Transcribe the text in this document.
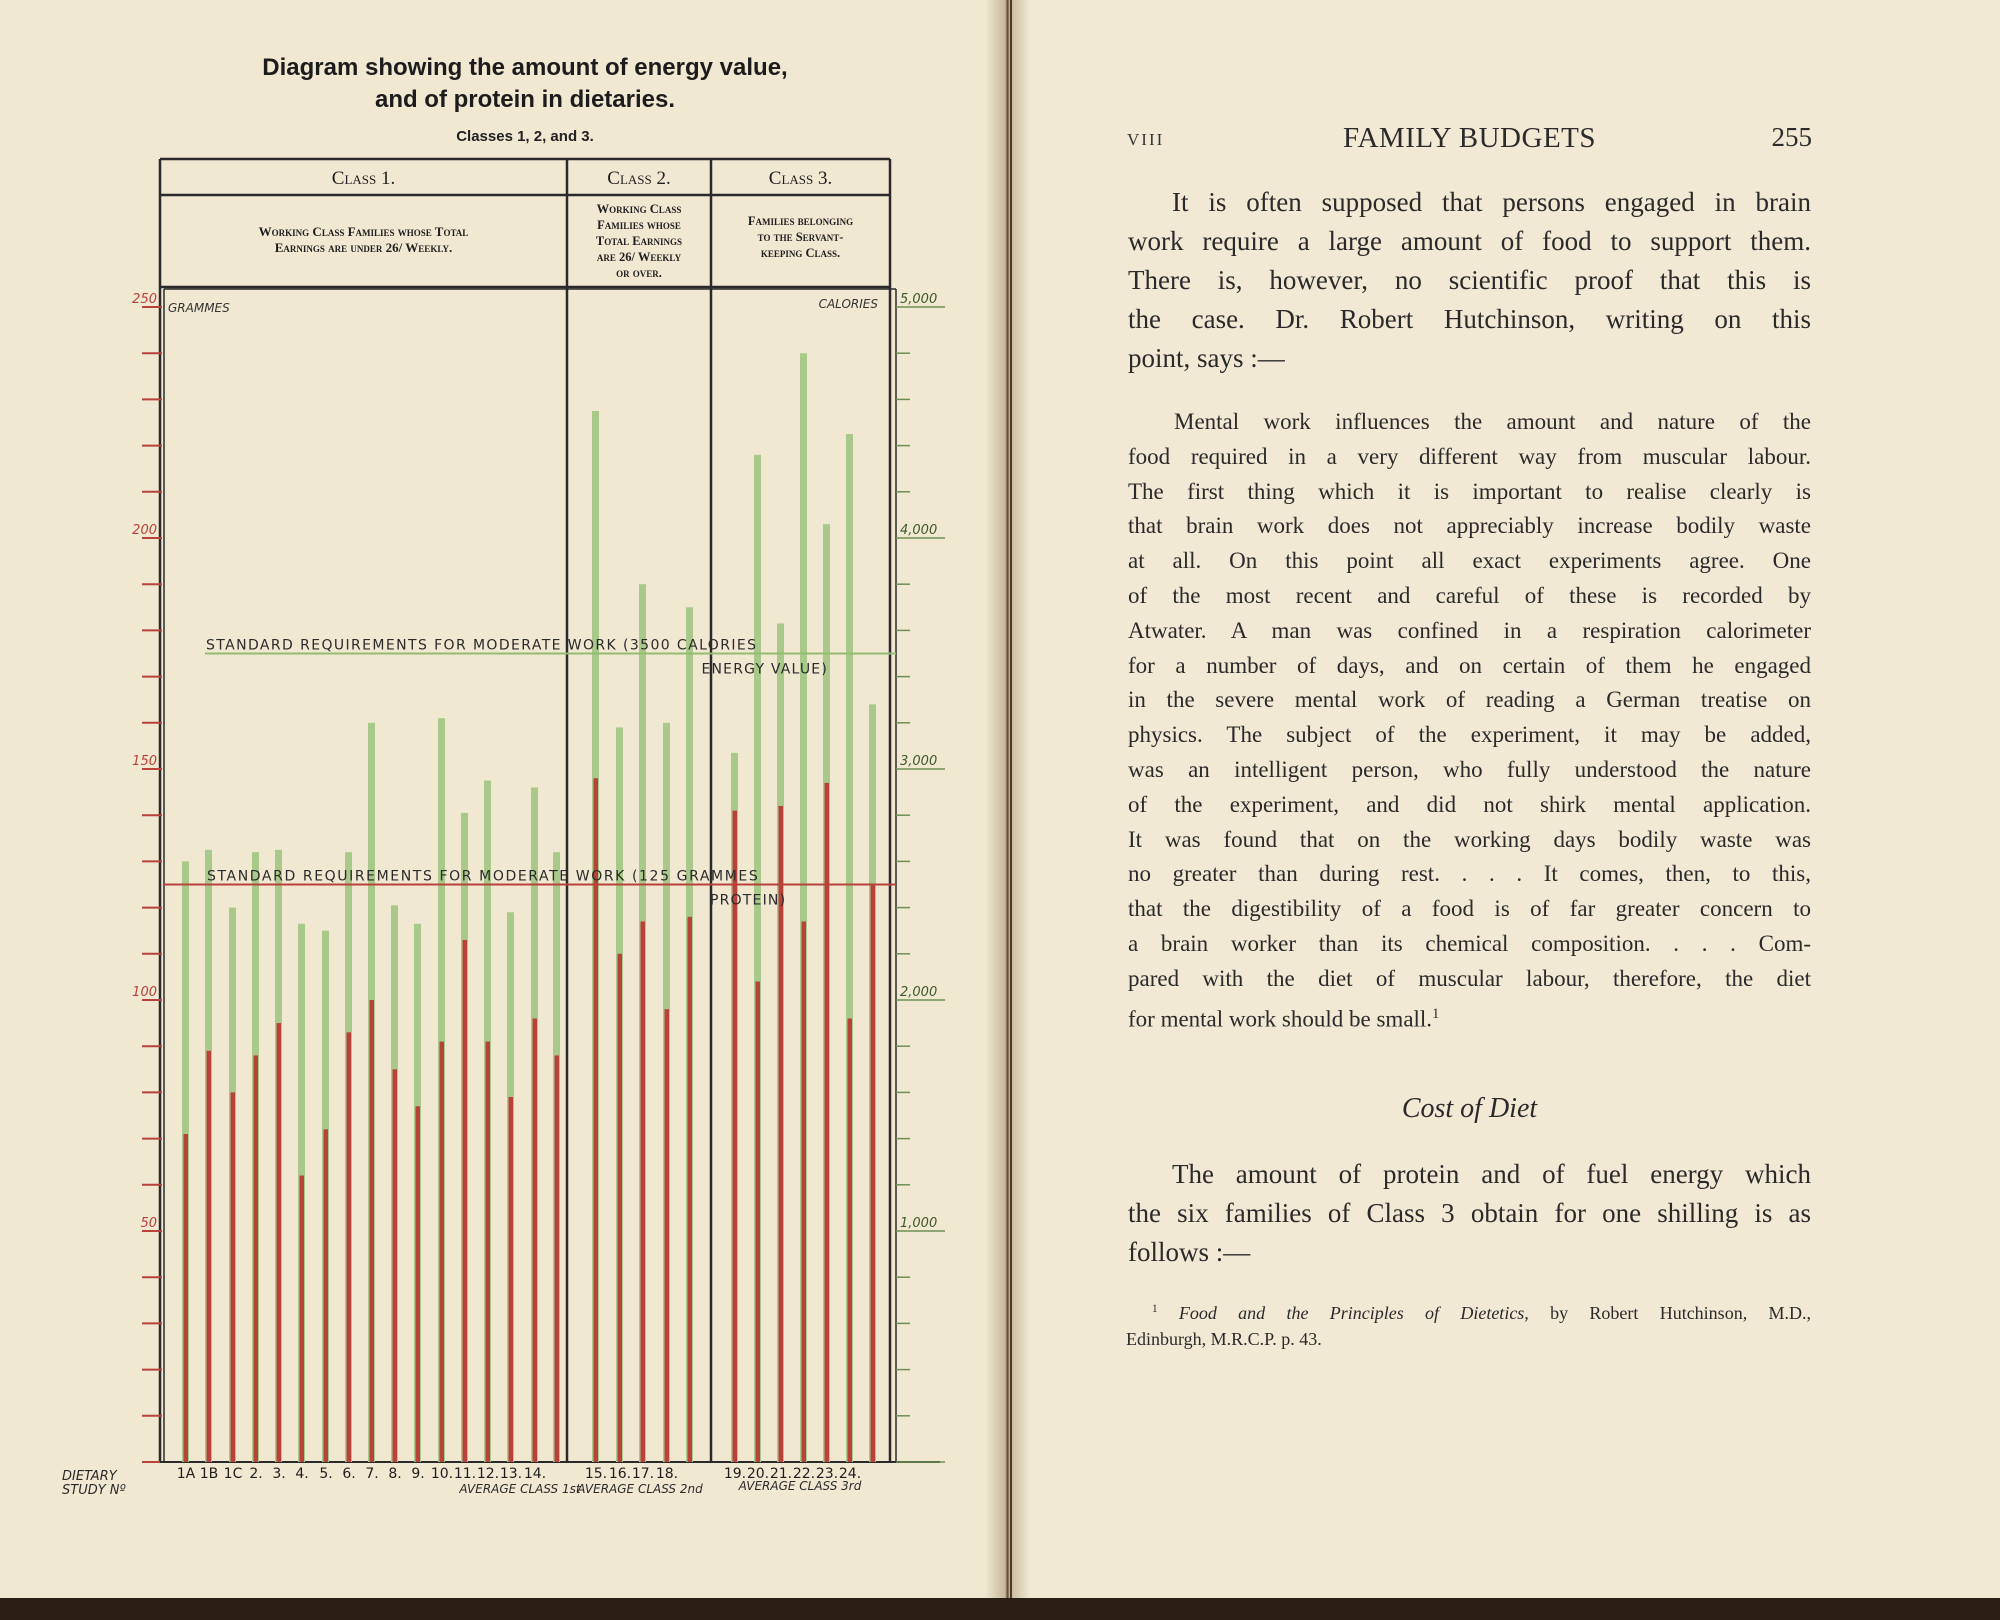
Diagram showing the amount of energy value,
and of protein in dietaries.
Classes 1, 2, and 3.
Class 1.
Working Class Families whose Total
Earnings are under 26/ Weekly.
Class 2.
Working Class
Families whose
Total Earnings
are 26/ Weekly
or over.
Class 3.
Families belonging
to the Servant-
keeping Class.
250
200
150
100
50
5,000
4,000
3,000
2,000
1,000
GRAMMES	CALORIES
STANDARD REQUIREMENTS FOR MODERATE WORK (3500 CALORIES
ENERGY VALUE)
STANDARD REQUIREMENTS FOR MODERATE WORK (125 GRAMMES
PROTEIN)
DIETARY
STUDY Nº
1A 1B 1C 2. 3. 4. 5. 6. 7. 8. 9. 10. 11. 12. 13. 14.	15. 16. 17. 18.	19. 20. 21. 22. 23. 24.
AVERAGE CLASS 1st
AVERAGE CLASS 2nd	AVERAGE CLASS 3rd
VIII	FAMILY BUDGETS	255
It is often supposed that persons engaged in brain
work require a large amount of food to support them.
There is, however, no scientific proof that this is
the case. Dr. Robert Hutchinson, writing on this
point, says :—
Mental work influences the amount and nature of the
food required in a very different way from muscular labour.
The first thing which it is important to realise clearly is
that brain work does not appreciably increase bodily waste
at all. On this point all exact experiments agree. One
of the most recent and careful of these is recorded by
Atwater. A man was confined in a respiration calorimeter
for a number of days, and on certain of them he engaged
in the severe mental work of reading a German treatise on
physics. The subject of the experiment, it may be added,
was an intelligent person, who fully understood the nature
of the experiment, and did not shirk mental application.
It was found that on the working days bodily waste was
no greater than during rest. . . . It comes, then, to this,
that the digestibility of a food is of far greater concern to
a brain worker than its chemical composition. . . . Com-
pared with the diet of muscular labour, therefore, the diet
for mental work should be small.$^1$
Cost of Diet
The amount of protein and of fuel energy which
the six families of Class 3 obtain for one shilling is as
follows :—
$^1$ Food and the Principles of Dietetics, by Robert Hutchinson, M.D.,
Edinburgh, M.R.C.P. p. 43.
